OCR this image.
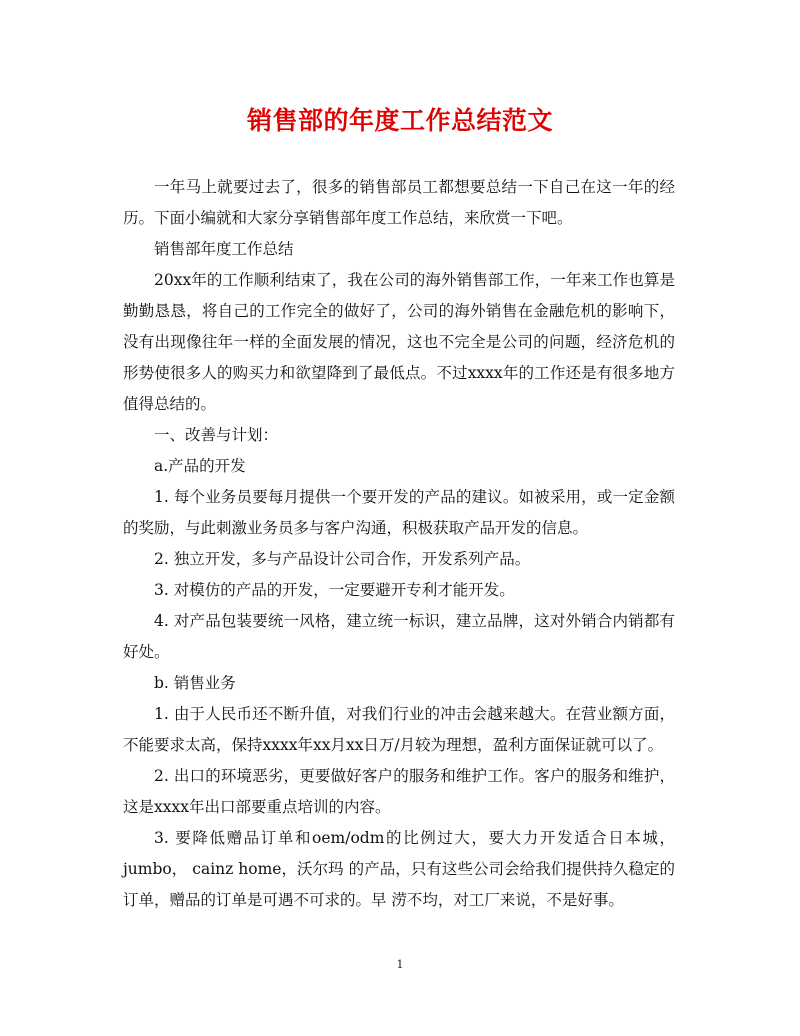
销售部的年度工作总结范文

一年马上就要过去了，很多的销售部员工都想要总结一下自己在这一年的经历。下面小编就和大家分享销售部年度工作总结，来欣赏一下吧。

销售部年度工作总结

20xx年的工作顺利结束了，我在公司的海外销售部工作，一年来工作也算是勤勤恳恳，将自己的工作完全的做好了，公司的海外销售在金融危机的影响下，没有出现像往年一样的全面发展的情况，这也不完全是公司的问题，经济危机的形势使很多人的购买力和欲望降到了最低点。不过xxxx年的工作还是有很多地方值得总结的。

一、改善与计划：

a.产品的开发

1. 每个业务员要每月提供一个要开发的产品的建议。如被采用，或一定金额的奖励，与此刺激业务员多与客户沟通，积极获取产品开发的信息。

2. 独立开发，多与产品设计公司合作，开发系列产品。

3. 对模仿的产品的开发，一定要避开专利才能开发。

4. 对产品包装要统一风格，建立统一标识，建立品牌，这对外销合内销都有好处。

b. 销售业务

1. 由于人民币还不断升值，对我们行业的冲击会越来越大。在营业额方面，不能要求太高，保持xxxx年xx月xx日万/月较为理想，盈利方面保证就可以了。

2. 出口的环境恶劣，更要做好客户的服务和维护工作。客户的服务和维护，这是xxxx年出口部要重点培训的内容。

3. 要降低赠品订单和oem/odm的比例过大，要大力开发适合日本城，jumbo， cainz home，沃尔玛 的产品，只有这些公司会给我们提供持久稳定的订单，赠品的订单是可遇不可求的。早 涝不均，对工厂来说，不是好事。

1
